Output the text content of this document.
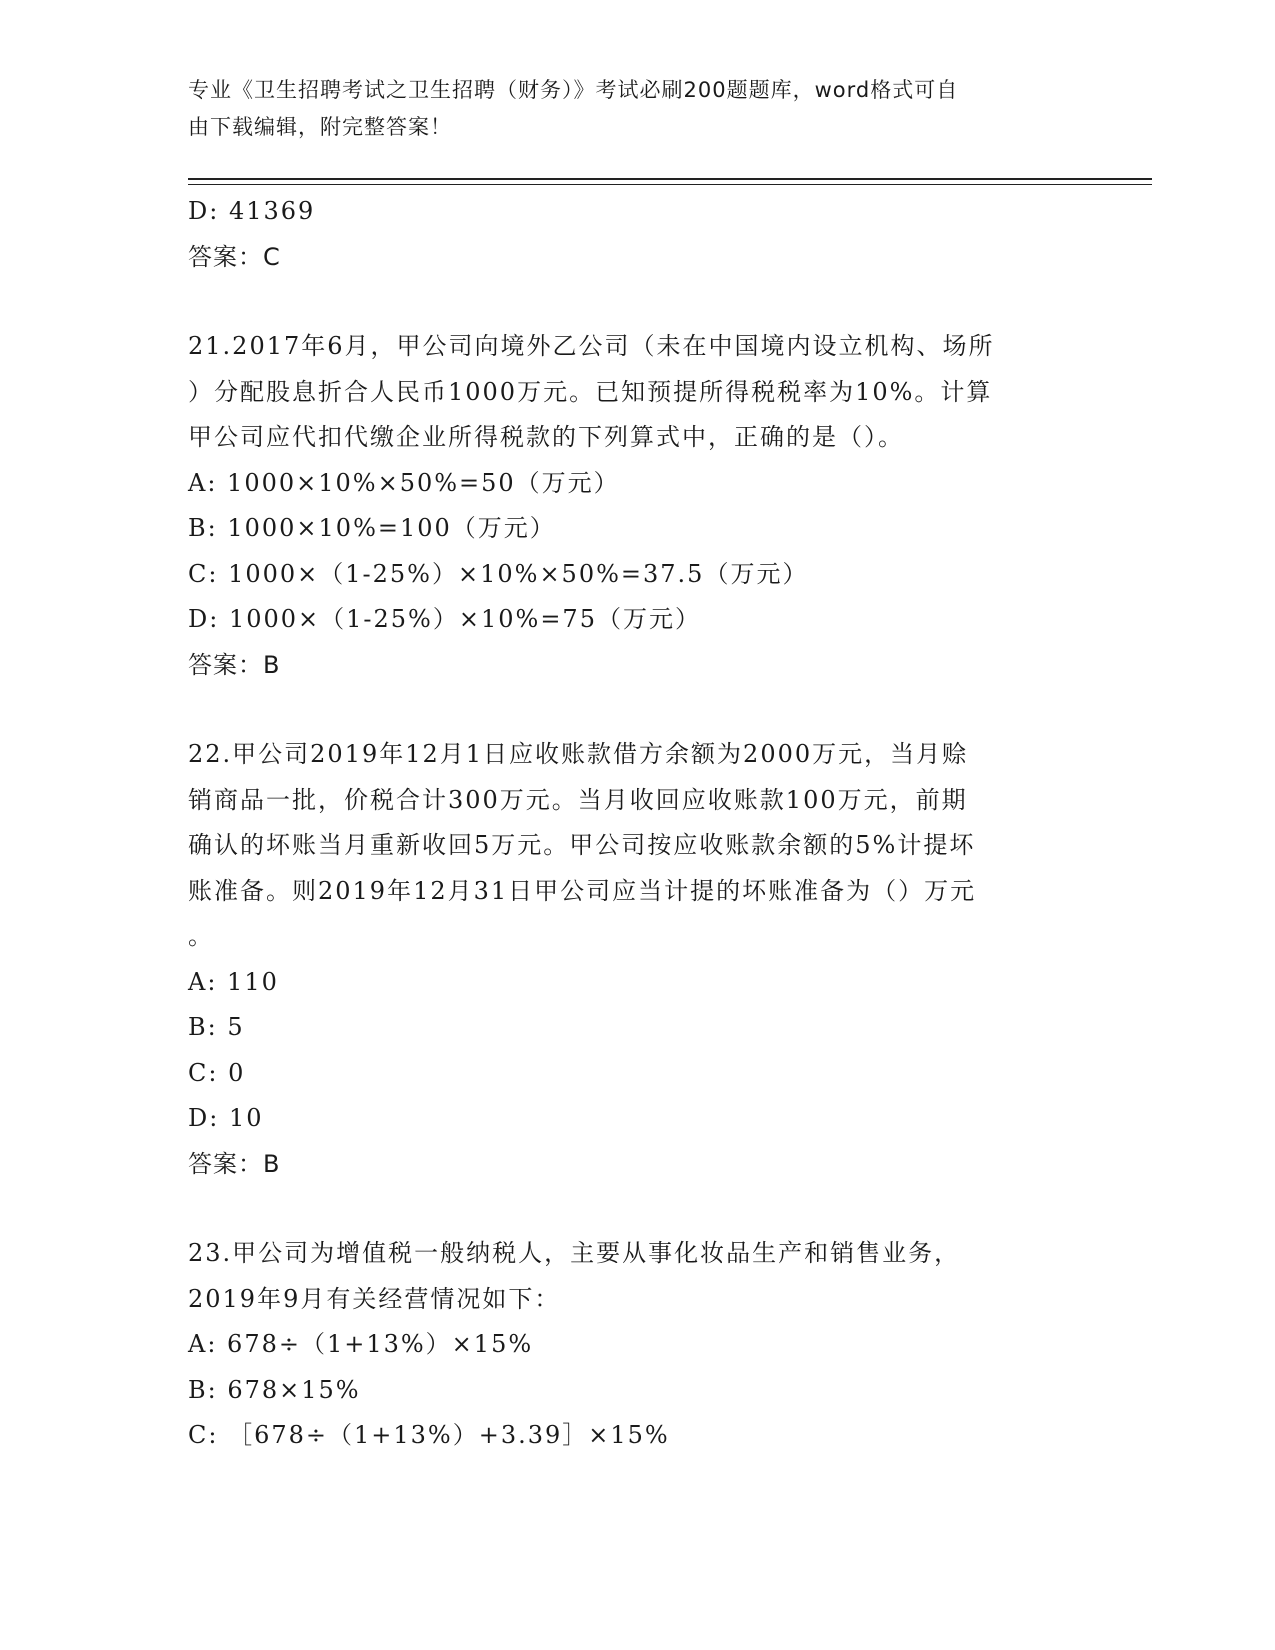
专业《卫生招聘考试之卫生招聘（财务）》考试必刷200题题库，word格式可自
由下载编辑，附完整答案！
D: 41369
答案：C
21.2017年6月，甲公司向境外乙公司（未在中国境内设立机构、场所
）分配股息折合人民币1000万元。已知预提所得税税率为10%。计算
甲公司应代扣代缴企业所得税款的下列算式中，正确的是（）。
A: 1000×10%×50%=50（万元）
B: 1000×10%=100（万元）
C: 1000×（1-25%）×10%×50%=37.5（万元）
D: 1000×（1-25%）×10%=75（万元）
答案：B
22.甲公司2019年12月1日应收账款借方余额为2000万元，当月赊
销商品一批，价税合计300万元。当月收回应收账款100万元，前期
确认的坏账当月重新收回5万元。甲公司按应收账款余额的5%计提坏
账准备。则2019年12月31日甲公司应当计提的坏账准备为（）万元
。
A: 110
B: 5
C: 0
D: 10
答案：B
23.甲公司为增值税一般纳税人，主要从事化妆品生产和销售业务，
2019年9月有关经营情况如下：
A: 678÷（1+13%）×15%
B: 678×15%
C: ［678÷（1+13%）+3.39］×15%
